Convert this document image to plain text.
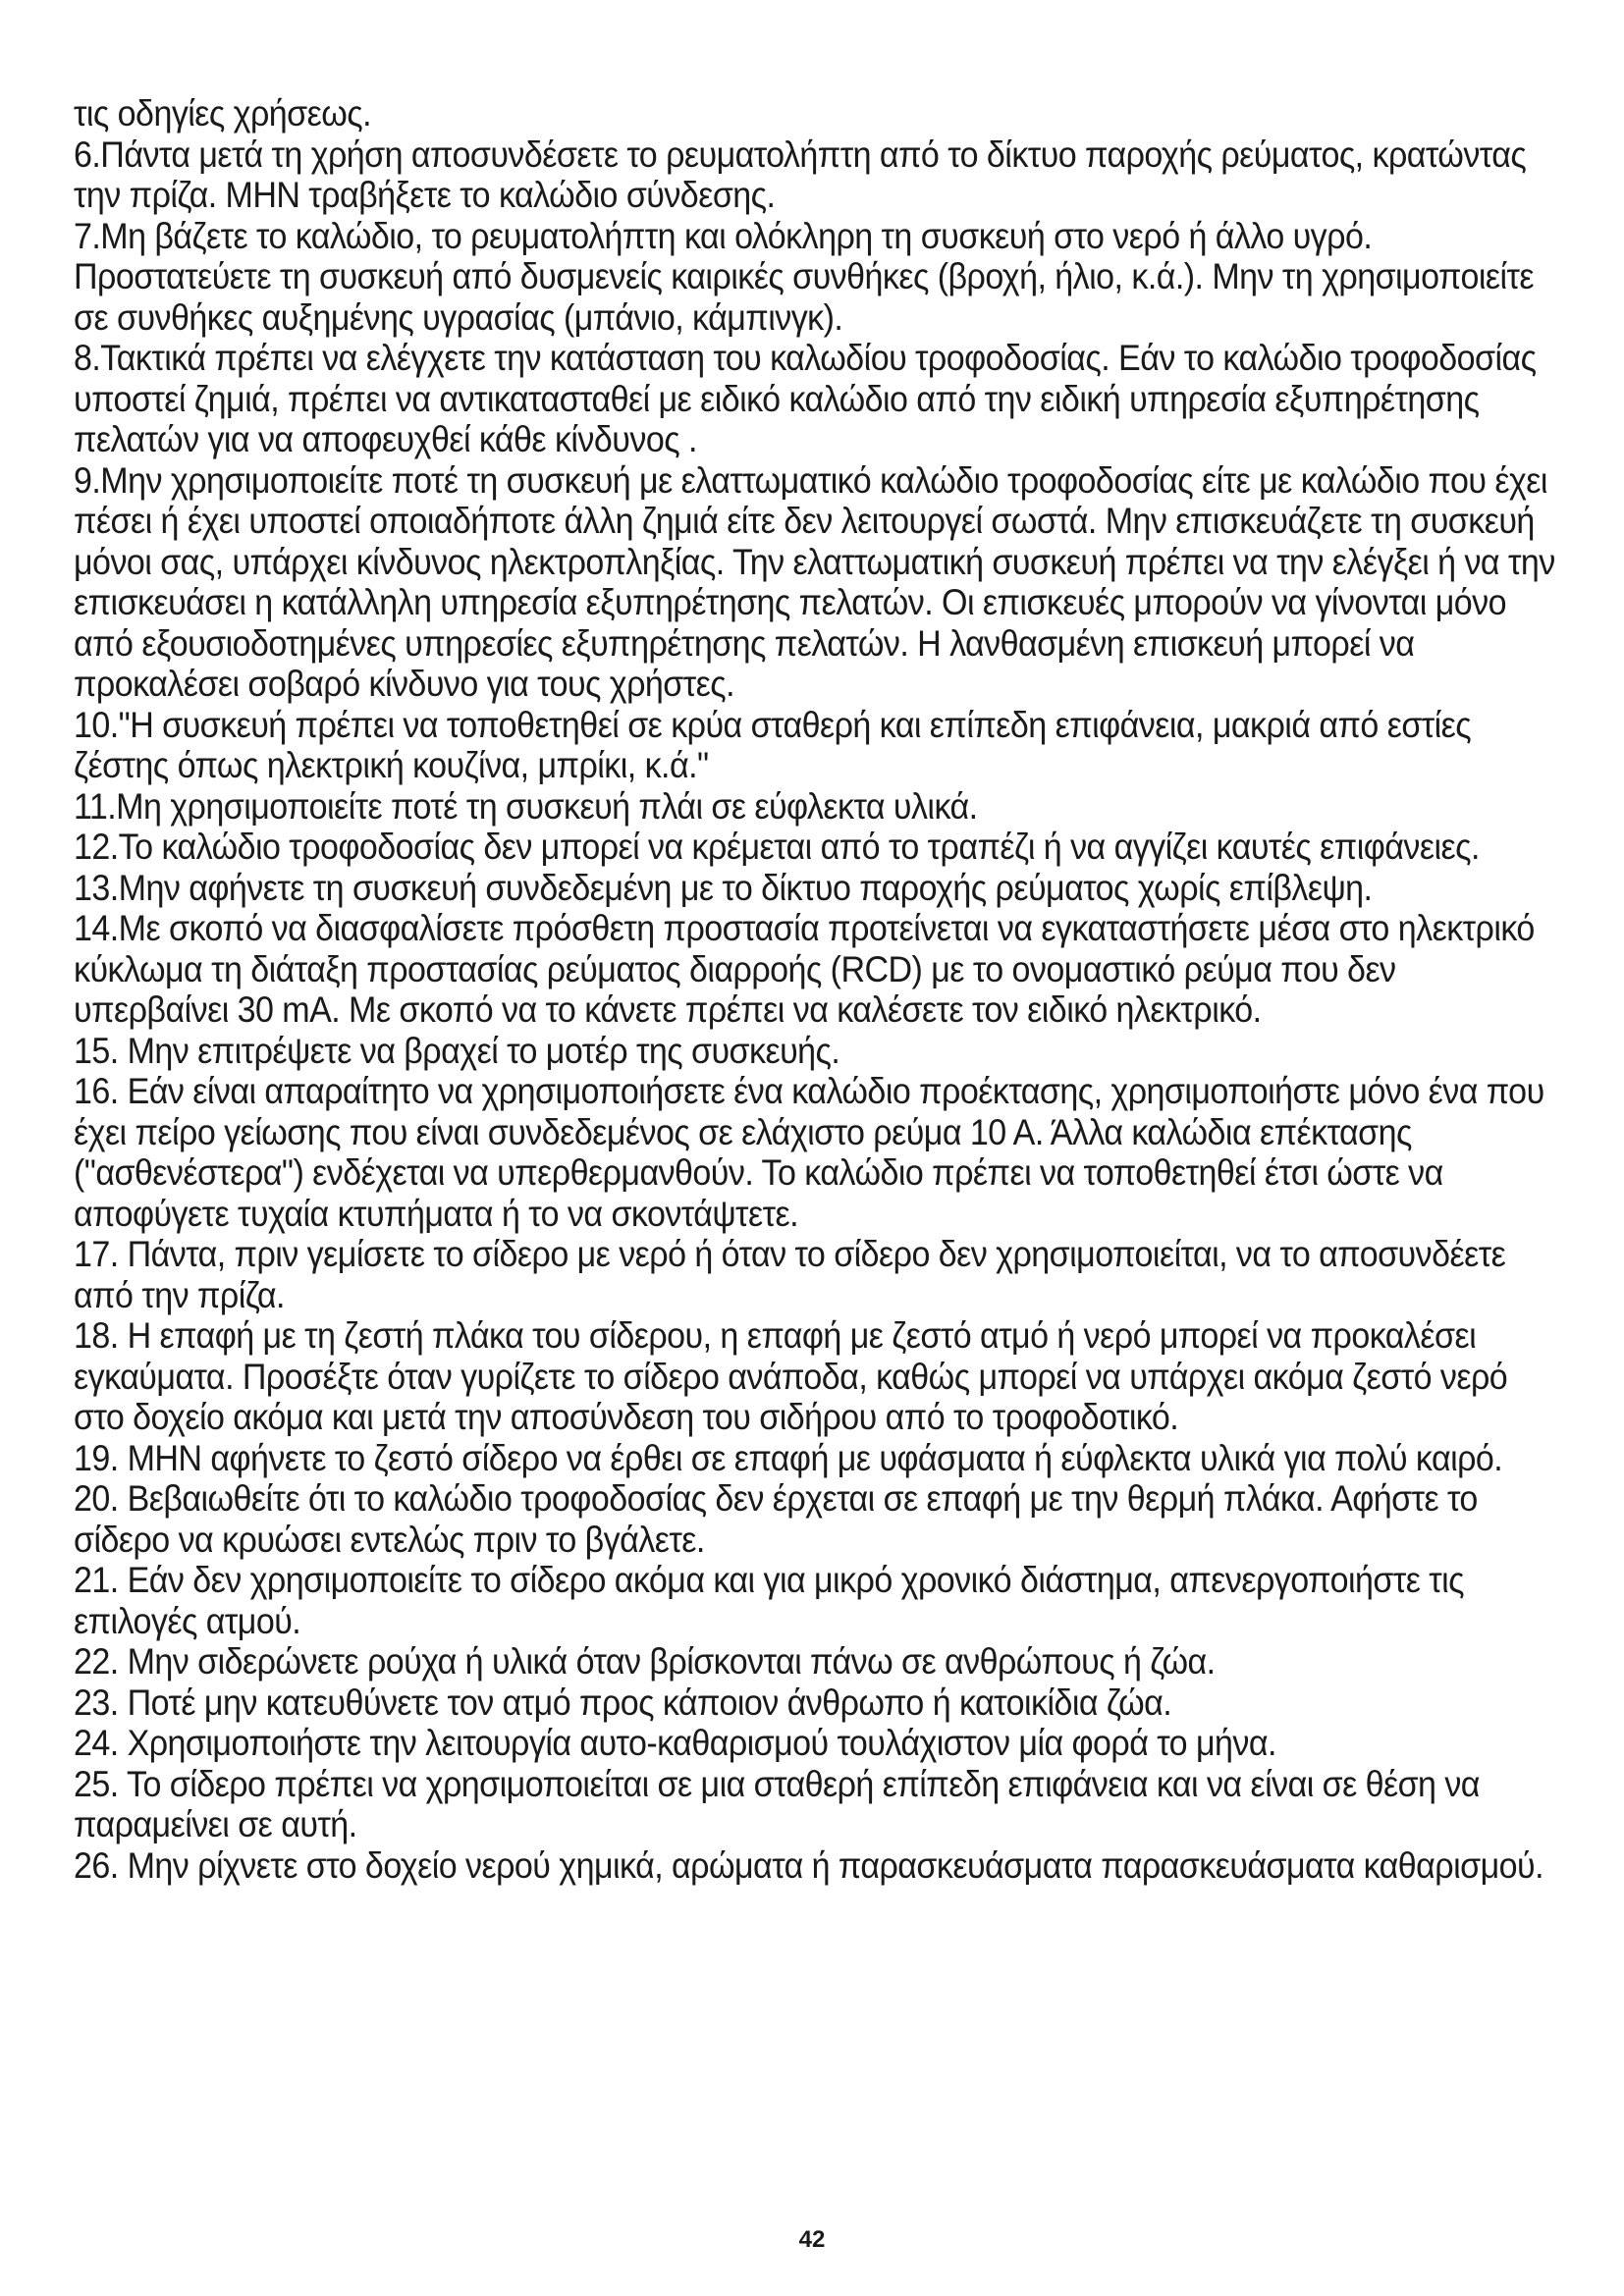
τις οδηγίες χρήσεως.

6.Πάντα μετά τη χρήση αποσυνδέσετε το ρευματολήπτη από το δίκτυο παροχής ρεύματος, κρατώντας την πρίζα. ΜΗΝ τραβήξετε το καλώδιο σύνδεσης.

7.Μη βάζετε το καλώδιο, το ρευματολήπτη και ολόκληρη τη συσκευή στο νερό ή άλλο υγρό. Προστατεύετε τη συσκευή από δυσμενείς καιρικές συνθήκες (βροχή, ήλιο, κ.ά.). Μην τη χρησιμοποιείτε σε συνθήκες αυξημένης υγρασίας (μπάνιο, κάμπινγκ).

8.Τακτικά πρέπει να ελέγχετε την κατάσταση του καλωδίου τροφοδοσίας. Εάν το καλώδιο τροφοδοσίας υποστεί ζημιά, πρέπει να αντικατασταθεί με ειδικό καλώδιο από την ειδική υπηρεσία εξυπηρέτησης πελατών για να αποφευχθεί κάθε κίνδυνος .

9.Μην χρησιμοποιείτε ποτέ τη συσκευή με ελαττωματικό καλώδιο τροφοδοσίας είτε με καλώδιο που έχει πέσει ή έχει υποστεί οποιαδήποτε άλλη ζημιά είτε δεν λειτουργεί σωστά. Μην επισκευάζετε τη συσκευή μόνοι σας, υπάρχει κίνδυνος ηλεκτροπληξίας. Την ελαττωματική συσκευή πρέπει να την ελέγξει ή να την επισκευάσει η κατάλληλη υπηρεσία εξυπηρέτησης πελατών. Οι επισκευές μπορούν να γίνονται μόνο από εξουσιοδοτημένες υπηρεσίες εξυπηρέτησης πελατών. Η λανθασμένη επισκευή μπορεί να προκαλέσει σοβαρό κίνδυνο για τους χρήστες.

10."Η συσκευή πρέπει να τοποθετηθεί σε κρύα σταθερή και επίπεδη επιφάνεια, μακριά από εστίες ζέστης όπως ηλεκτρική κουζίνα, μπρίκι, κ.ά."

11.Μη χρησιμοποιείτε ποτέ τη συσκευή πλάι σε εύφλεκτα υλικά.

12.Το καλώδιο τροφοδοσίας δεν μπορεί να κρέμεται από το τραπέζι ή να αγγίζει καυτές επιφάνειες.

13.Μην αφήνετε τη συσκευή συνδεδεμένη με το δίκτυο παροχής ρεύματος χωρίς επίβλεψη.

14.Με σκοπό να διασφαλίσετε πρόσθετη προστασία προτείνεται να εγκαταστήσετε μέσα στο ηλεκτρικό κύκλωμα τη διάταξη προστασίας ρεύματος διαρροής (RCD) με το ονομαστικό ρεύμα που δεν υπερβαίνει 30 mA. Με σκοπό να το κάνετε πρέπει να καλέσετε τον ειδικό ηλεκτρικό.

15. Μην επιτρέψετε να βραχεί το μοτέρ της συσκευής.

16. Εάν είναι απαραίτητο να χρησιμοποιήσετε ένα καλώδιο προέκτασης, χρησιμοποιήστε μόνο ένα που έχει πείρο γείωσης που είναι συνδεδεμένος σε ελάχιστο ρεύμα 10 Α. Άλλα καλώδια επέκτασης ("ασθενέστερα") ενδέχεται να υπερθερμανθούν. Το καλώδιο πρέπει να τοποθετηθεί έτσι ώστε να αποφύγετε τυχαία κτυπήματα ή το να σκοντάψτετε.

17. Πάντα, πριν γεμίσετε το σίδερο με νερό ή όταν το σίδερο δεν χρησιμοποιείται, να το αποσυνδέετε από την πρίζα.

18. Η επαφή με τη ζεστή πλάκα του σίδερου, η επαφή με ζεστό ατμό ή νερό μπορεί να προκαλέσει εγκαύματα. Προσέξτε όταν γυρίζετε το σίδερο ανάποδα, καθώς μπορεί να υπάρχει ακόμα ζεστό νερό στο δοχείο ακόμα και μετά την αποσύνδεση του σιδήρου από το τροφοδοτικό.

19. ΜΗΝ αφήνετε το ζεστό σίδερο να έρθει σε επαφή με υφάσματα ή εύφλεκτα υλικά για πολύ καιρό.

20. Βεβαιωθείτε ότι το καλώδιο τροφοδοσίας δεν έρχεται σε επαφή με την θερμή πλάκα. Αφήστε το σίδερο να κρυώσει εντελώς πριν το βγάλετε.

21. Εάν δεν χρησιμοποιείτε το σίδερο ακόμα και για μικρό χρονικό διάστημα, απενεργοποιήστε τις επιλογές ατμού.

22. Μην σιδερώνετε ρούχα ή υλικά όταν βρίσκονται πάνω σε ανθρώπους ή ζώα.

23. Ποτέ μην κατευθύνετε τον ατμό προς κάποιον άνθρωπο ή κατοικίδια ζώα.

24. Χρησιμοποιήστε την λειτουργία αυτο-καθαρισμού τουλάχιστον μία φορά το μήνα.

25. Το σίδερο πρέπει να χρησιμοποιείται σε μια σταθερή επίπεδη επιφάνεια και να είναι σε θέση να παραμείνει σε αυτή.

26. Μην ρίχνετε στο δοχείο νερού χημικά, αρώματα ή παρασκευάσματα παρασκευάσματα καθαρισμού.

42
